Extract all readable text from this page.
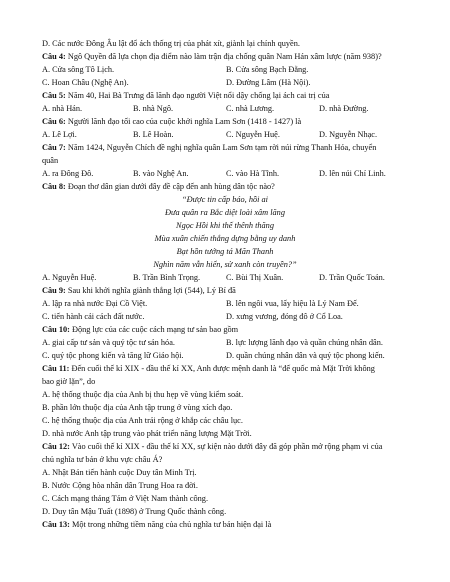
D. Các nước Đông Âu lật đổ ách thống trị của phát xít, giành lại chính quyền.
Câu 4: Ngô Quyền đã lựa chọn địa điểm nào làm trận địa chống quân Nam Hán xâm lược (năm 938)?
A. Cửa sông Tô Lịch.	B. Cửa sông Bạch Đằng.
C. Hoan Châu (Nghệ An).	D. Đường Lâm (Hà Nội).
Câu 5: Năm 40, Hai Bà Trưng đã lãnh đạo người Việt nổi dậy chống lại ách cai trị của
A. nhà Hán.	B. nhà Ngô.	C. nhà Lương.	D. nhà Đường.
Câu 6: Người lãnh đạo tối cao của cuộc khởi nghĩa Lam Sơn (1418 - 1427) là
A. Lê Lợi.	B. Lê Hoàn.	C. Nguyễn Huệ.	D. Nguyễn Nhạc.
Câu 7: Năm 1424, Nguyễn Chích đề nghị nghĩa quân Lam Sơn tạm rời núi rừng Thanh Hóa, chuyển
quân
A. ra Đông Đô.	B. vào Nghệ An.	C. vào Hà Tĩnh.	D. lên núi Chí Linh.
Câu 8: Đoạn thơ dân gian dưới đây đề cập đến anh hùng dân tộc nào?
“Được tin cấp báo, hồi ai
Đưa quân ra Bắc diệt loài xâm lăng
Ngọc Hồi khi thế thênh thăng
Mùa xuân chiến thắng dựng bằng uy danh
Bạt hồn tướng tá Mãn Thanh
Nghìn năm vẫn hiển, sử xanh còn truyền?”
A. Nguyễn Huệ.	B. Trần Bình Trọng.	C. Bùi Thị Xuân.	D. Trần Quốc Toản.
Câu 9: Sau khi khởi nghĩa giành thắng lợi (544), Lý Bí đã
A. lập ra nhà nước Đại Cồ Việt.	B. lên ngôi vua, lấy hiệu là Lý Nam Đế.
C. tiến hành cải cách đất nước.	D. xưng vương, đóng đô ở Cổ Loa.
Câu 10: Động lực của các cuộc cách mạng tư sản bao gồm
A. giai cấp tư sản và quý tộc tư sản hóa.	B. lực lượng lãnh đạo và quần chúng nhân dân.
C. quý tộc phong kiến và tăng lữ Giáo hội.	D. quần chúng nhân dân và quý tộc phong kiến.
Câu 11: Đến cuối thế kỉ XIX - đầu thế kỉ XX, Anh được mệnh danh là “đế quốc mà Mặt Trời không
bao giờ lặn”, do
A. hệ thống thuộc địa của Anh bị thu hẹp về vùng kiểm soát.
B. phần lớn thuộc địa của Anh tập trung ở vùng xích đạo.
C. hệ thống thuộc địa của Anh trải rộng ở khắp các châu lục.
D. nhà nước Anh tập trung vào phát triển năng lượng Mặt Trời.
Câu 12: Vào cuối thế kỉ XIX - đầu thế kỉ XX, sự kiện nào dưới đây đã góp phần mở rộng phạm vi của
chủ nghĩa tư bản ở khu vực châu Á?
A. Nhật Bản tiến hành cuộc Duy tân Minh Trị.
B. Nước Cộng hòa nhân dân Trung Hoa ra đời.
C. Cách mạng tháng Tám ở Việt Nam thành công.
D. Duy tân Mậu Tuất (1898) ở Trung Quốc thành công.
Câu 13: Một trong những tiềm năng của chủ nghĩa tư bản hiện đại là
